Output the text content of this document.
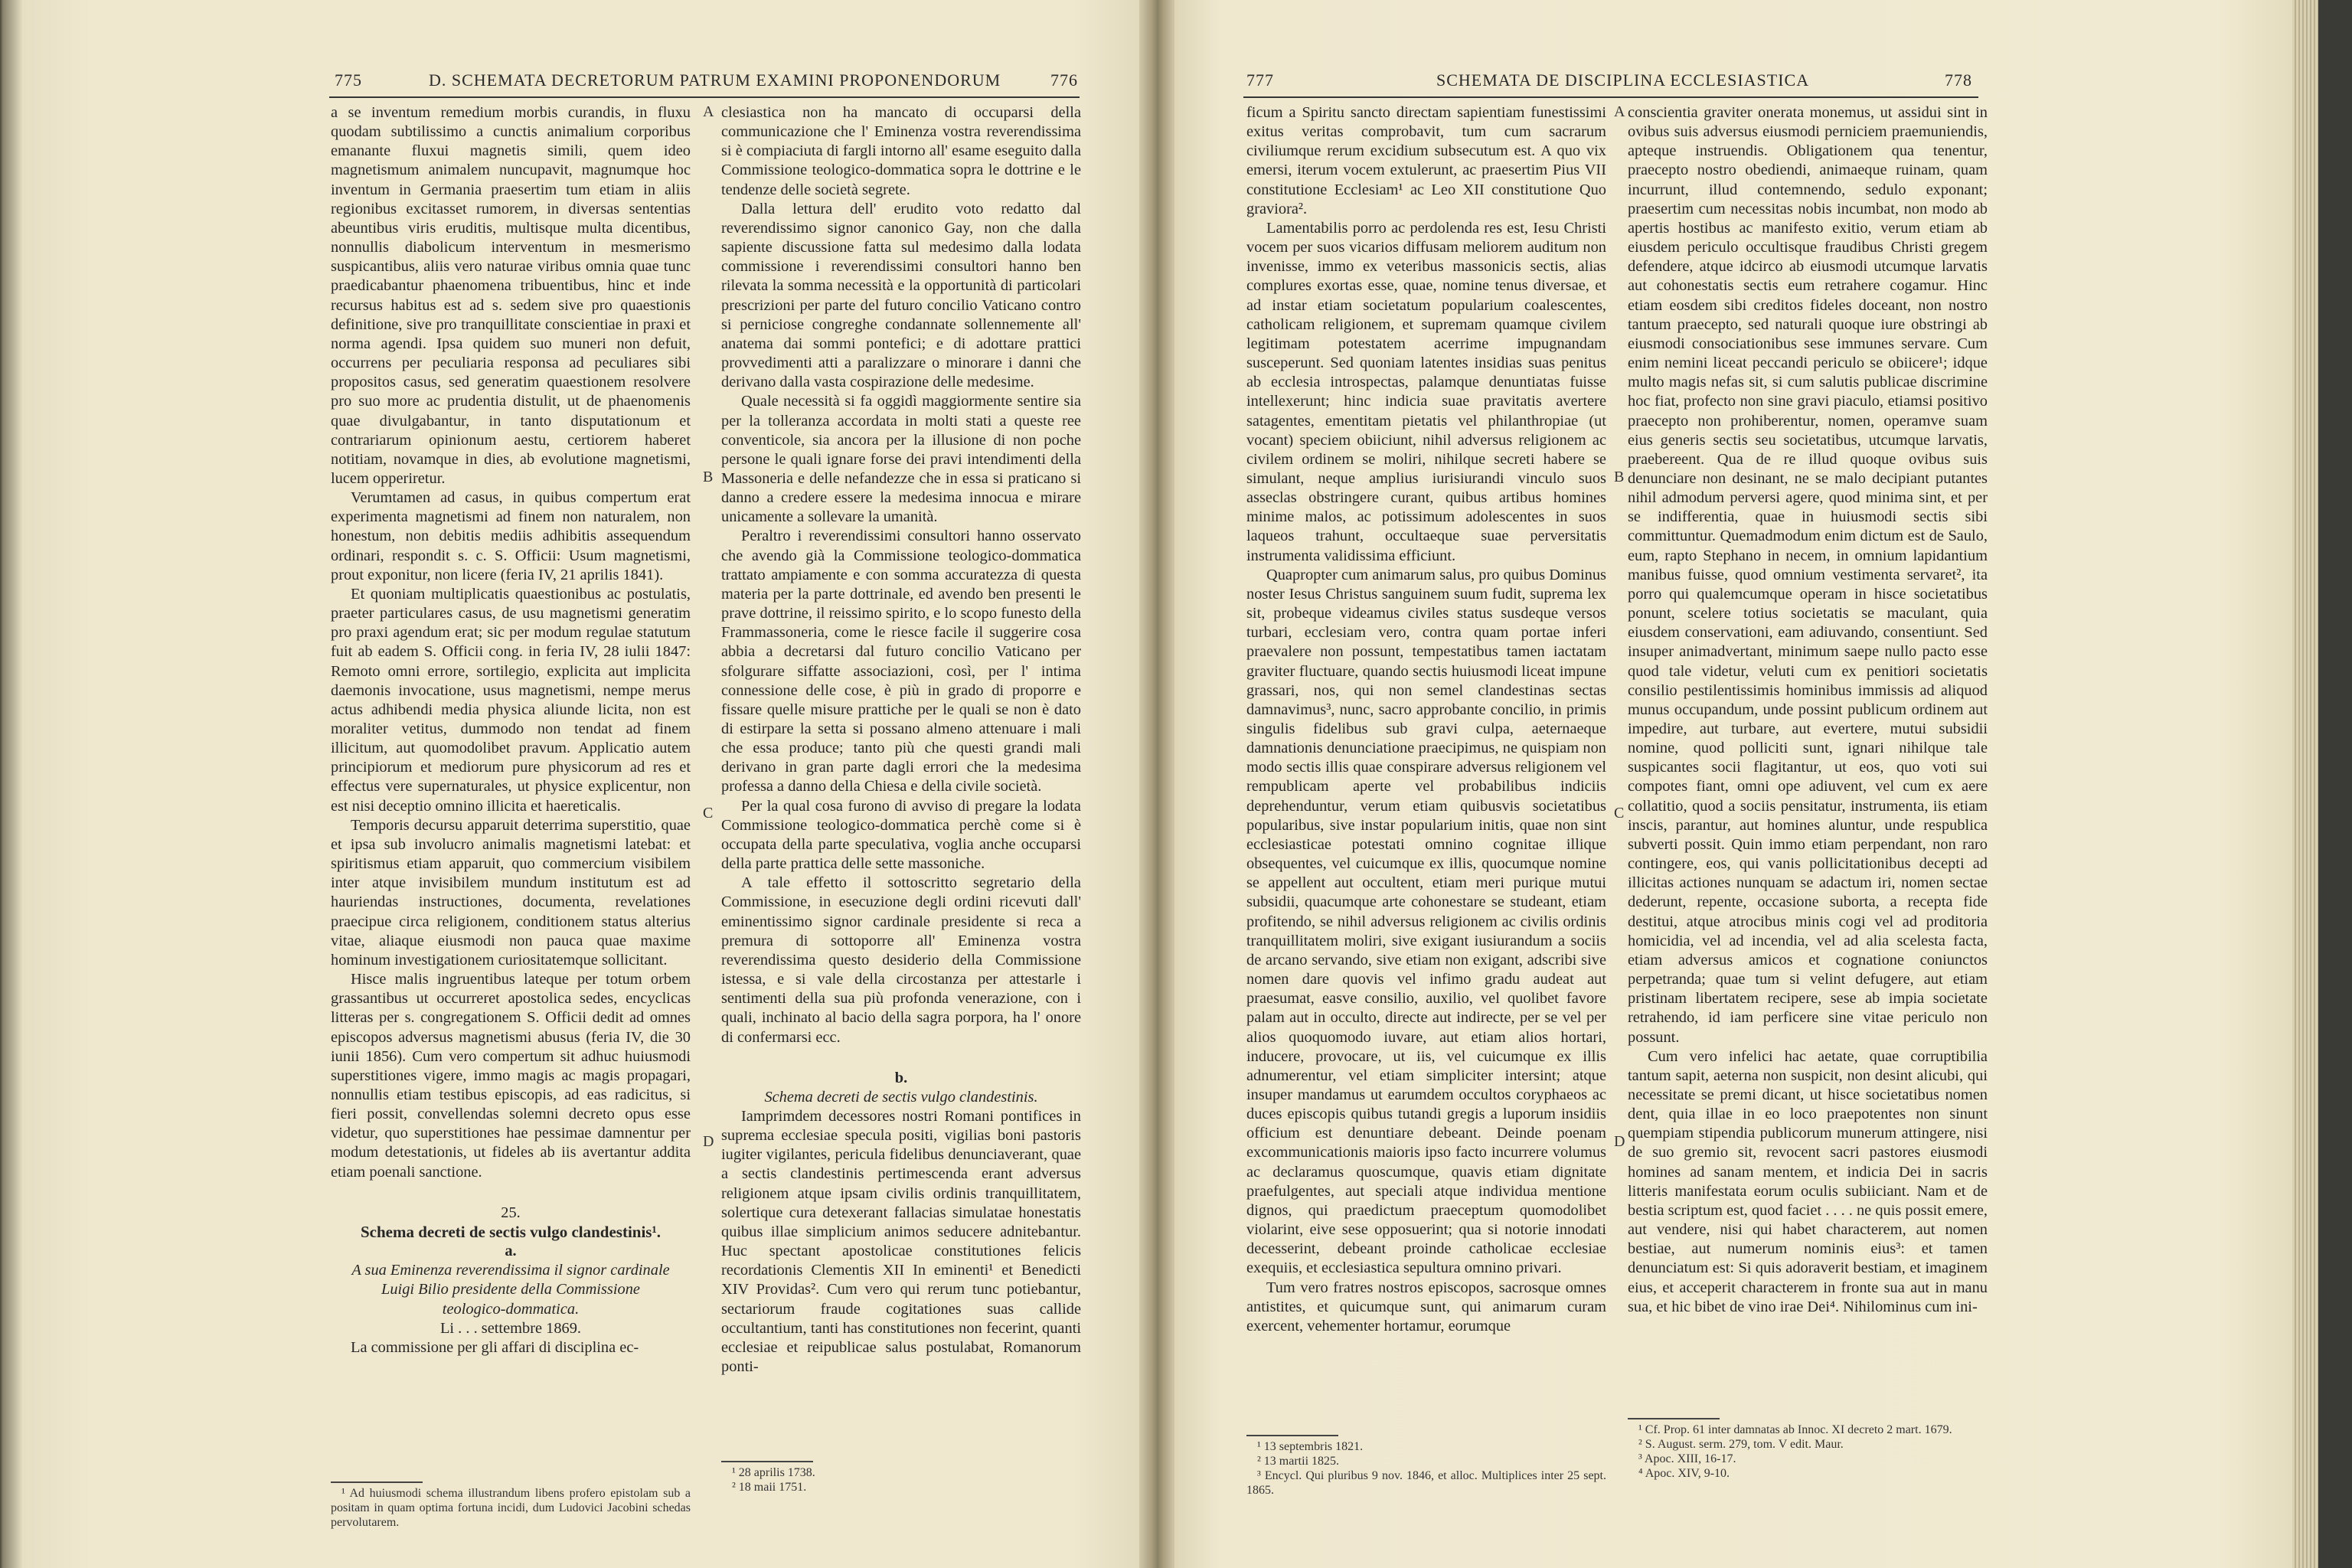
775	D. SCHEMATA DECRETORUM PATRUM EXAMINI PROPONENDORUM	776

a se inventum remedium morbis curandis, in fluxu quodam subtilissimo a cunctis animalium corporibus emanante fluxui magnetis simili, quem ideo magnetismum animalem nuncupavit, magnumque hoc inventum in Germania praesertim tum etiam in aliis regionibus excitasset rumorem, in diversas sententias abeuntibus viris eruditis, multisque multa dicentibus, nonnullis diabolicum interventum in mesmerismo suspicantibus, aliis vero naturae viribus omnia quae tunc praedicabantur phaenomena tribuentibus, hinc et inde recursus habitus est ad s. sedem sive pro quaestionis definitione, sive pro tranquillitate conscientiae in praxi et norma agendi. Ipsa quidem suo muneri non defuit, occurrens per peculiaria responsa ad peculiares sibi propositos casus, sed generatim quaestionem resolvere pro suo more ac prudentia distulit, ut de phaenomenis quae divulgabantur, in tanto disputationum et contrariarum opinionum aestu, certiorem haberet notitiam, novamque in dies, ab evolutione magnetismi, lucem opperiretur.

Verumtamen ad casus, in quibus compertum erat experimenta magnetismi ad finem non naturalem, non honestum, non debitis mediis adhibitis assequendum ordinari, respondit s. c. S. Officii: Usum magnetismi, prout exponitur, non licere (feria IV, 21 aprilis 1841).

Et quoniam multiplicatis quaestionibus ac postulatis, praeter particulares casus, de usu magnetismi generatim pro praxi agendum erat; sic per modum regulae statutum fuit ab eadem S. Officii cong. in feria IV, 28 iulii 1847: Remoto omni errore, sortilegio, explicita aut implicita daemonis invocatione, usus magnetismi, nempe merus actus adhibendi media physica aliunde licita, non est moraliter vetitus, dummodo non tendat ad finem illicitum, aut quomodolibet pravum. Applicatio autem principiorum et mediorum pure physicorum ad res et effectus vere supernaturales, ut physice explicentur, non est nisi deceptio omnino illicita et haereticalis.

Temporis decursu apparuit deterrima superstitio, quae et ipsa sub involucro animalis magnetismi latebat: et spiritismus etiam apparuit, quo commercium visibilem inter atque invisibilem mundum institutum est ad hauriendas instructiones, documenta, revelationes praecipue circa religionem, conditionem status alterius vitae, aliaque eiusmodi non pauca quae maxime hominum investigationem curiositatemque sollicitant.

Hisce malis ingruentibus lateque per totum orbem grassantibus ut occurreret apostolica sedes, encyclicas litteras per s. congregationem S. Officii dedit ad omnes episcopos adversus magnetismi abusus (feria IV, die 30 iunii 1856). Cum vero compertum sit adhuc huiusmodi superstitiones vigere, immo magis ac magis propagari, nonnullis etiam testibus episcopis, ad eas radicitus, si fieri possit, convellendas solemni decreto opus esse videtur, quo superstitiones hae pessimae damnentur per modum detestationis, ut fideles ab iis avertantur addita etiam poenali sanctione.

25.

Schema decreti de sectis vulgo clandestinis¹.

a.

A sua Eminenza reverendissima il signor cardinale Luigi Bilio presidente della Commissione teologico-dommatica.

Li . . . settembre 1869.

La commissione per gli affari di disciplina ec-

¹ Ad huiusmodi schema illustrandum libens profero epistolam sub a positam in quam optima fortuna incidi, dum Ludovici Jacobini schedas pervolutarem.

A
B
C
D

clesiastica non ha mancato di occuparsi della communicazione che l' Eminenza vostra reverendissima si è compiaciuta di fargli intorno all' esame eseguito dalla Commissione teologico-dommatica sopra le dottrine e le tendenze delle società segrete.

Dalla lettura dell' erudito voto redatto dal reverendissimo signor canonico Gay, non che dalla sapiente discussione fatta sul medesimo dalla lodata commissione i reverendissimi consultori hanno ben rilevata la somma necessità e la opportunità di particolari prescrizioni per parte del futuro concilio Vaticano contro si perniciose congreghe condannate sollennemente all' anatema dai sommi pontefici; e di adottare prattici provvedimenti atti a paralizzare o minorare i danni che derivano dalla vasta cospirazione delle medesime.

Quale necessità si fa oggidì maggiormente sentire sia per la tolleranza accordata in molti stati a queste ree conventicole, sia ancora per la illusione di non poche persone le quali ignare forse dei pravi intendimenti della Massoneria e delle nefandezze che in essa si praticano si danno a credere essere la medesima innocua e mirare unicamente a sollevare la umanità.

Peraltro i reverendissimi consultori hanno osservato che avendo già la Commissione teologico-dommatica trattato ampiamente e con somma accuratezza di questa materia per la parte dottrinale, ed avendo ben presenti le prave dottrine, il reissimo spirito, e lo scopo funesto della Frammassoneria, come le riesce facile il suggerire cosa abbia a decretarsi dal futuro concilio Vaticano per sfolgurare siffatte associazioni, così, per l' intima connessione delle cose, è più in grado di proporre e fissare quelle misure prattiche per le quali se non è dato di estirpare la setta si possano almeno attenuare i mali che essa produce; tanto più che questi grandi mali derivano in gran parte dagli errori che la medesima professa a danno della Chiesa e della civile società.

Per la qual cosa furono di avviso di pregare la lodata Commissione teologico-dommatica perchè come si è occupata della parte speculativa, voglia anche occuparsi della parte prattica delle sette massoniche.

A tale effetto il sottoscritto segretario della Commissione, in esecuzione degli ordini ricevuti dall' eminentissimo signor cardinale presidente si reca a premura di sottoporre all' Eminenza vostra reverendissima questo desiderio della Commissione istessa, e si vale della circostanza per attestarle i sentimenti della sua più profonda venerazione, con i quali, inchinato al bacio della sagra porpora, ha l' onore di confermarsi ecc.

b.

Schema decreti de sectis vulgo clandestinis.

Iamprimdem decessores nostri Romani pontifices in suprema ecclesiae specula positi, vigilias boni pastoris iugiter vigilantes, pericula fidelibus denunciaverant, quae a sectis clandestinis pertimescenda erant adversus religionem atque ipsam civilis ordinis tranquillitatem, solertique cura detexerant fallacias simulatae honestatis quibus illae simplicium animos seducere adnitebantur. Huc spectant apostolicae constitutiones felicis recordationis Clementis XII In eminenti¹ et Benedicti XIV Providas². Cum vero qui rerum tunc potiebantur, sectariorum fraude cogitationes suas callide occultantium, tanti has constitutiones non fecerint, quanti ecclesiae et reipublicae salus postulabat, Romanorum ponti-

¹ 28 aprilis 1738.

² 18 maii 1751.

777	SCHEMATA DE DISCIPLINA ECCLESIASTICA	778

ficum a Spiritu sancto directam sapientiam funestissimi exitus veritas comprobavit, tum cum sacrarum civiliumque rerum excidium subsecutum est. A quo vix emersi, iterum vocem extulerunt, ac praesertim Pius VII constitutione Ecclesiam¹ ac Leo XII constitutione Quo graviora².

Lamentabilis porro ac perdolenda res est, Iesu Christi vocem per suos vicarios diffusam meliorem auditum non invenisse, immo ex veteribus massonicis sectis, alias complures exortas esse, quae, nomine tenus diversae, et ad instar etiam societatum popularium coalescentes, catholicam religionem, et supremam quamque civilem legitimam potestatem acerrime impugnandam susceperunt. Sed quoniam latentes insidias suas penitus ab ecclesia introspectas, palamque denuntiatas fuisse intellexerunt; hinc indicia suae pravitatis avertere satagentes, ementitam pietatis vel philanthropiae (ut vocant) speciem obiiciunt, nihil adversus religionem ac civilem ordinem se moliri, nihilque secreti habere se simulant, neque amplius iurisiurandi vinculo suos asseclas obstringere curant, quibus artibus homines minime malos, ac potissimum adolescentes in suos laqueos trahunt, occultaeque suae perversitatis instrumenta validissima efficiunt.

Quapropter cum animarum salus, pro quibus Dominus noster Iesus Christus sanguinem suum fudit, suprema lex sit, probeque videamus civiles status susdeque versos turbari, ecclesiam vero, contra quam portae inferi praevalere non possunt, tempestatibus tamen iactatam graviter fluctuare, quando sectis huiusmodi liceat impune grassari, nos, qui non semel clandestinas sectas damnavimus³, nunc, sacro approbante concilio, in primis singulis fidelibus sub gravi culpa, aeternaeque damnationis denunciatione praecipimus, ne quispiam non modo sectis illis quae conspirare adversus religionem vel rempublicam aperte vel probabilibus indiciis deprehenduntur, verum etiam quibusvis societatibus popularibus, sive instar popularium initis, quae non sint ecclesiasticae potestati omnino cognitae illique obsequentes, vel cuicumque ex illis, quocumque nomine se appellent aut occultent, etiam meri purique mutui subsidii, quacumque arte cohonestare se studeant, etiam profitendo, se nihil adversus religionem ac civilis ordinis tranquillitatem moliri, sive exigant iusiurandum a sociis de arcano servando, sive etiam non exigant, adscribi sive nomen dare quovis vel infimo gradu audeat aut praesumat, easve consilio, auxilio, vel quolibet favore palam aut in occulto, directe aut indirecte, per se vel per alios quoquomodo iuvare, aut etiam alios hortari, inducere, provocare, ut iis, vel cuicumque ex illis adnumerentur, vel etiam simpliciter intersint; atque insuper mandamus ut earumdem occultos coryphaeos ac duces episcopis quibus tutandi gregis a luporum insidiis officium est denuntiare debeant. Deinde poenam excommunicationis maioris ipso facto incurrere volumus ac declaramus quoscumque, quavis etiam dignitate praefulgentes, aut speciali atque individua mentione dignos, qui praedictum praeceptum quomodolibet violarint, eive sese opposuerint; qua si notorie innodati decesserint, debeant proinde catholicae ecclesiae exequiis, et ecclesiastica sepultura omnino privari.

Tum vero fratres nostros episcopos, sacrosque omnes antistites, et quicumque sunt, qui animarum curam exercent, vehementer hortamur, eorumque

¹ 13 septembris 1821.

² 13 martii 1825.

³ Encycl. Qui pluribus 9 nov. 1846, et alloc. Multiplices inter 25 sept. 1865.

A
B
C
D

conscientia graviter onerata monemus, ut assidui sint in ovibus suis adversus eiusmodi perniciem praemuniendis, apteque instruendis. Obligationem qua tenentur, praecepto nostro obediendi, animaeque ruinam, quam incurrunt, illud contemnendo, sedulo exponant; praesertim cum necessitas nobis incumbat, non modo ab apertis hostibus ac manifesto exitio, verum etiam ab eiusdem periculo occultisque fraudibus Christi gregem defendere, atque idcirco ab eiusmodi utcumque larvatis aut cohonestatis sectis eum retrahere cogamur. Hinc etiam eosdem sibi creditos fideles doceant, non nostro tantum praecepto, sed naturali quoque iure obstringi ab eiusmodi consociationibus sese immunes servare. Cum enim nemini liceat peccandi periculo se obiicere¹; idque multo magis nefas sit, si cum salutis publicae discrimine hoc fiat, profecto non sine gravi piaculo, etiamsi positivo praecepto non prohiberentur, nomen, operamve suam eius generis sectis seu societatibus, utcumque larvatis, praebereent. Qua de re illud quoque ovibus suis denunciare non desinant, ne se malo decipiant putantes nihil admodum perversi agere, quod minima sint, et per se indifferentia, quae in huiusmodi sectis sibi committuntur. Quemadmodum enim dictum est de Saulo, eum, rapto Stephano in necem, in omnium lapidantium manibus fuisse, quod omnium vestimenta servaret², ita porro qui qualemcumque operam in hisce societatibus ponunt, scelere totius societatis se maculant, quia eiusdem conservationi, eam adiuvando, consentiunt. Sed insuper animadvertant, minimum saepe nullo pacto esse quod tale videtur, veluti cum ex penitiori societatis consilio pestilentissimis hominibus immissis ad aliquod munus occupandum, unde possint publicum ordinem aut impedire, aut turbare, aut evertere, mutui subsidii nomine, quod polliciti sunt, ignari nihilque tale suspicantes socii flagitantur, ut eos, quo voti sui compotes fiant, omni ope adiuvent, vel cum ex aere collatitio, quod a sociis pensitatur, instrumenta, iis etiam inscis, parantur, aut homines aluntur, unde respublica subverti possit. Quin immo etiam perpendant, non raro contingere, eos, qui vanis pollicitationibus decepti ad illicitas actiones nunquam se adactum iri, nomen sectae dederunt, repente, occasione suborta, a recepta fide destitui, atque atrocibus minis cogi vel ad proditoria homicidia, vel ad incendia, vel ad alia scelesta facta, etiam adversus amicos et cognatione coniunctos perpetranda; quae tum si velint defugere, aut etiam pristinam libertatem recipere, sese ab impia societate retrahendo, id iam perficere sine vitae periculo non possunt.

Cum vero infelici hac aetate, quae corruptibilia tantum sapit, aeterna non suspicit, non desint alicubi, qui necessitate se premi dicant, ut hisce societatibus nomen dent, quia illae in eo loco praepotentes non sinunt quempiam stipendia publicorum munerum attingere, nisi de suo gremio sit, revocent sacri pastores eiusmodi homines ad sanam mentem, et indicia Dei in sacris litteris manifestata eorum oculis subiiciant. Nam et de bestia scriptum est, quod faciet . . . . ne quis possit emere, aut vendere, nisi qui habet characterem, aut nomen bestiae, aut numerum nominis eius³: et tamen denunciatum est: Si quis adoraverit bestiam, et imaginem eius, et acceperit characterem in fronte sua aut in manu sua, et hic bibet de vino irae Dei⁴. Nihilominus cum ini-

¹ Cf. Prop. 61 inter damnatas ab Innoc. XI decreto 2 mart. 1679.

² S. August. serm. 279, tom. V edit. Maur.

³ Apoc. XIII, 16-17.

⁴ Apoc. XIV, 9-10.
